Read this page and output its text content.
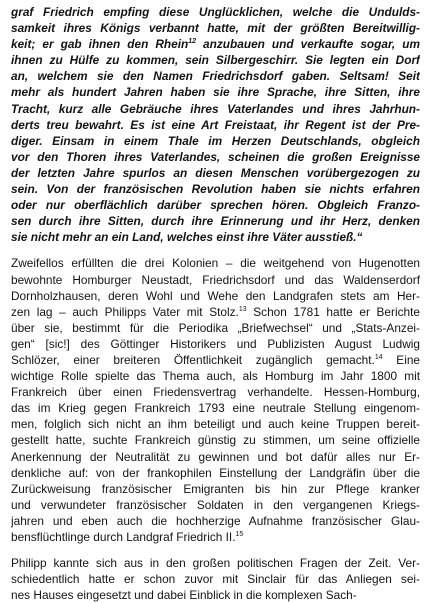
graf Friedrich empfing diese Unglücklichen, welche die Undulds-
samkeit ihres Königs verbannt hatte, mit der größten Bereitwillig-
keit; er gab ihnen den Rhein$^{12}$ anzubauen und verkaufte sogar, um
ihnen zu Hülfe zu kommen, sein Silbergeschirr. Sie legten ein Dorf
an, welchem sie den Namen Friedrichsdorf gaben. Seltsam! Seit
mehr als hundert Jahren haben sie ihre Sprache, ihre Sitten, ihre
Tracht, kurz alle Gebräuche ihres Vaterlandes und ihres Jahrhun-
derts treu bewahrt. Es ist eine Art Freistaat, ihr Regent ist der Pre-
diger. Einsam in einem Thale im Herzen Deutschlands, obgleich
vor den Thoren ihres Vaterlandes, scheinen die großen Ereignisse
der letzten Jahre spurlos an diesen Menschen vorübergezogen zu
sein. Von der französischen Revolution haben sie nichts erfahren
oder nur oberflächlich darüber sprechen hören. Obgleich Franzo-
sen durch ihre Sitten, durch ihre Erinnerung und ihr Herz, denken
sie nicht mehr an ein Land, welches einst ihre Väter ausstieß.“
Zweifellos erfüllten die drei Kolonien – die weitgehend von Hugenotten
bewohnte Homburger Neustadt, Friedrichsdorf und das Waldenserdorf
Dornholzhausen, deren Wohl und Wehe den Landgrafen stets am Her-
zen lag – auch Philipps Vater mit Stolz.$^{13}$ Schon 1781 hatte er Berichte
über sie, bestimmt für die Periodika „Briefwechsel“ und „Stats-Anzei-
gen“ [sic!] des Göttinger Historikers und Publizisten August Ludwig
Schlözer, einer breiteren Öffentlichkeit zugänglich gemacht.$^{14}$ Eine
wichtige Rolle spielte das Thema auch, als Homburg im Jahr 1800 mit
Frankreich über einen Friedensvertrag verhandelte. Hessen-Homburg,
das im Krieg gegen Frankreich 1793 eine neutrale Stellung eingenom-
men, folglich sich nicht an ihm beteiligt und auch keine Truppen bereit-
gestellt hatte, suchte Frankreich günstig zu stimmen, um seine offizielle
Anerkennung der Neutralität zu gewinnen und bot dafür alles nur Er-
denkliche auf: von der frankophilen Einstellung der Landgräfin über die
Zurückweisung französischer Emigranten bis hin zur Pflege kranker
und verwundeter französischer Soldaten in den vergangenen Kriegs-
jahren und eben auch die hochherzige Aufnahme französischer Glau-
bensflüchtlinge durch Landgraf Friedrich II.$^{15}$
Philipp kannte sich aus in den großen politischen Fragen der Zeit. Ver-
schiedentlich hatte er schon zuvor mit Sinclair für das Anliegen sei-
nes Hauses eingesetzt und dabei Einblick in die komplexen Sach-
